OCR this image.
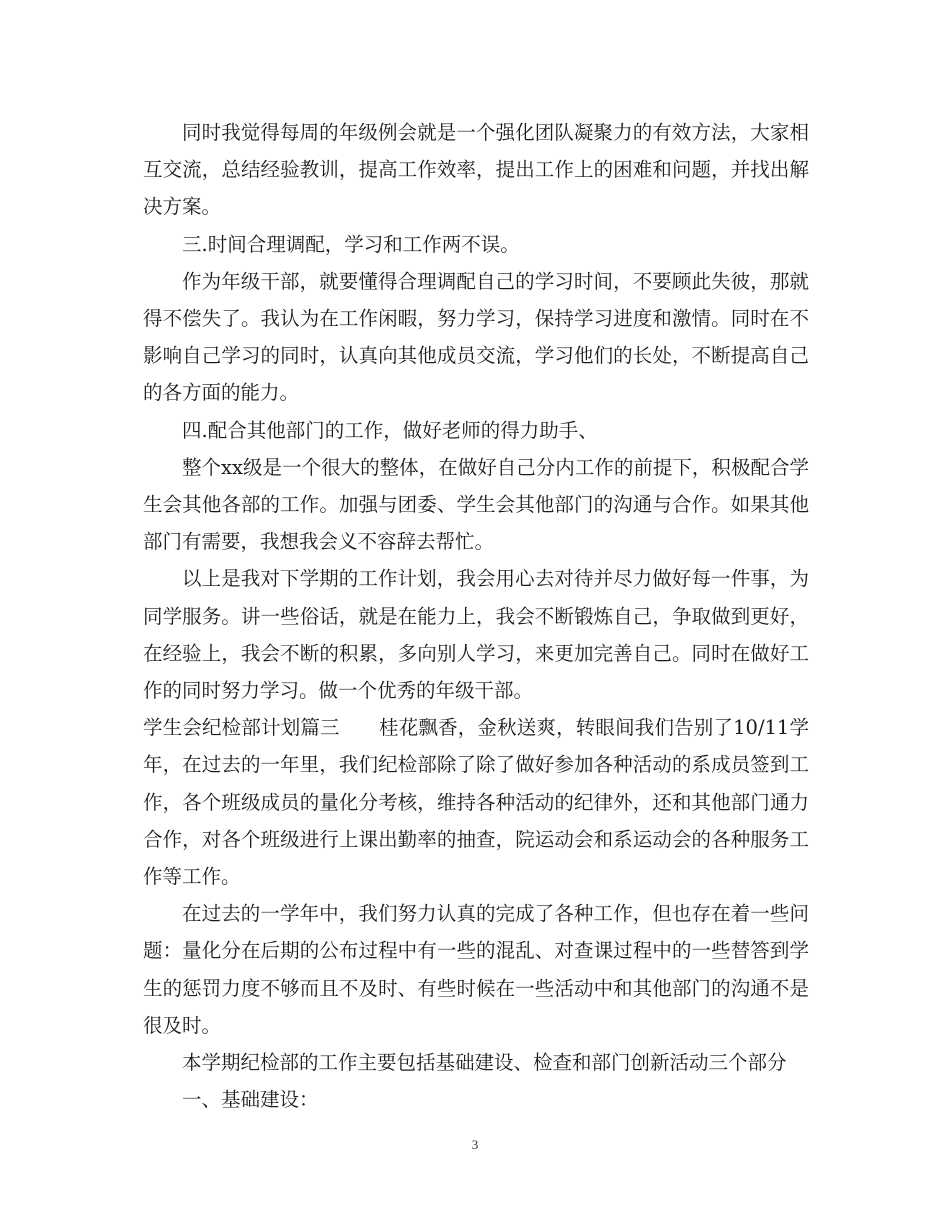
同时我觉得每周的年级例会就是一个强化团队凝聚力的有效方法，大家相互交流，总结经验教训，提高工作效率，提出工作上的困难和问题，并找出解决方案。

三.时间合理调配，学习和工作两不误。

作为年级干部，就要懂得合理调配自己的学习时间，不要顾此失彼，那就得不偿失了。我认为在工作闲暇，努力学习，保持学习进度和激情。同时在不影响自己学习的同时，认真向其他成员交流，学习他们的长处，不断提高自己的各方面的能力。

四.配合其他部门的工作，做好老师的得力助手、

整个xx级是一个很大的整体，在做好自己分内工作的前提下，积极配合学生会其他各部的工作。加强与团委、学生会其他部门的沟通与合作。如果其他部门有需要，我想我会义不容辞去帮忙。

以上是我对下学期的工作计划，我会用心去对待并尽力做好每一件事，为同学服务。讲一些俗话，就是在能力上，我会不断锻炼自己，争取做到更好，在经验上，我会不断的积累，多向别人学习，来更加完善自己。同时在做好工作的同时努力学习。做一个优秀的年级干部。

学生会纪检部计划篇三　　桂花飘香，金秋送爽，转眼间我们告别了10/11学年，在过去的一年里，我们纪检部除了除了做好参加各种活动的系成员签到工作，各个班级成员的量化分考核，维持各种活动的纪律外，还和其他部门通力合作，对各个班级进行上课出勤率的抽查，院运动会和系运动会的各种服务工作等工作。

在过去的一学年中，我们努力认真的完成了各种工作，但也存在着一些问题：量化分在后期的公布过程中有一些的混乱、对查课过程中的一些替答到学生的惩罚力度不够而且不及时、有些时候在一些活动中和其他部门的沟通不是很及时。

本学期纪检部的工作主要包括基础建设、检查和部门创新活动三个部分

一、基础建设：

3
